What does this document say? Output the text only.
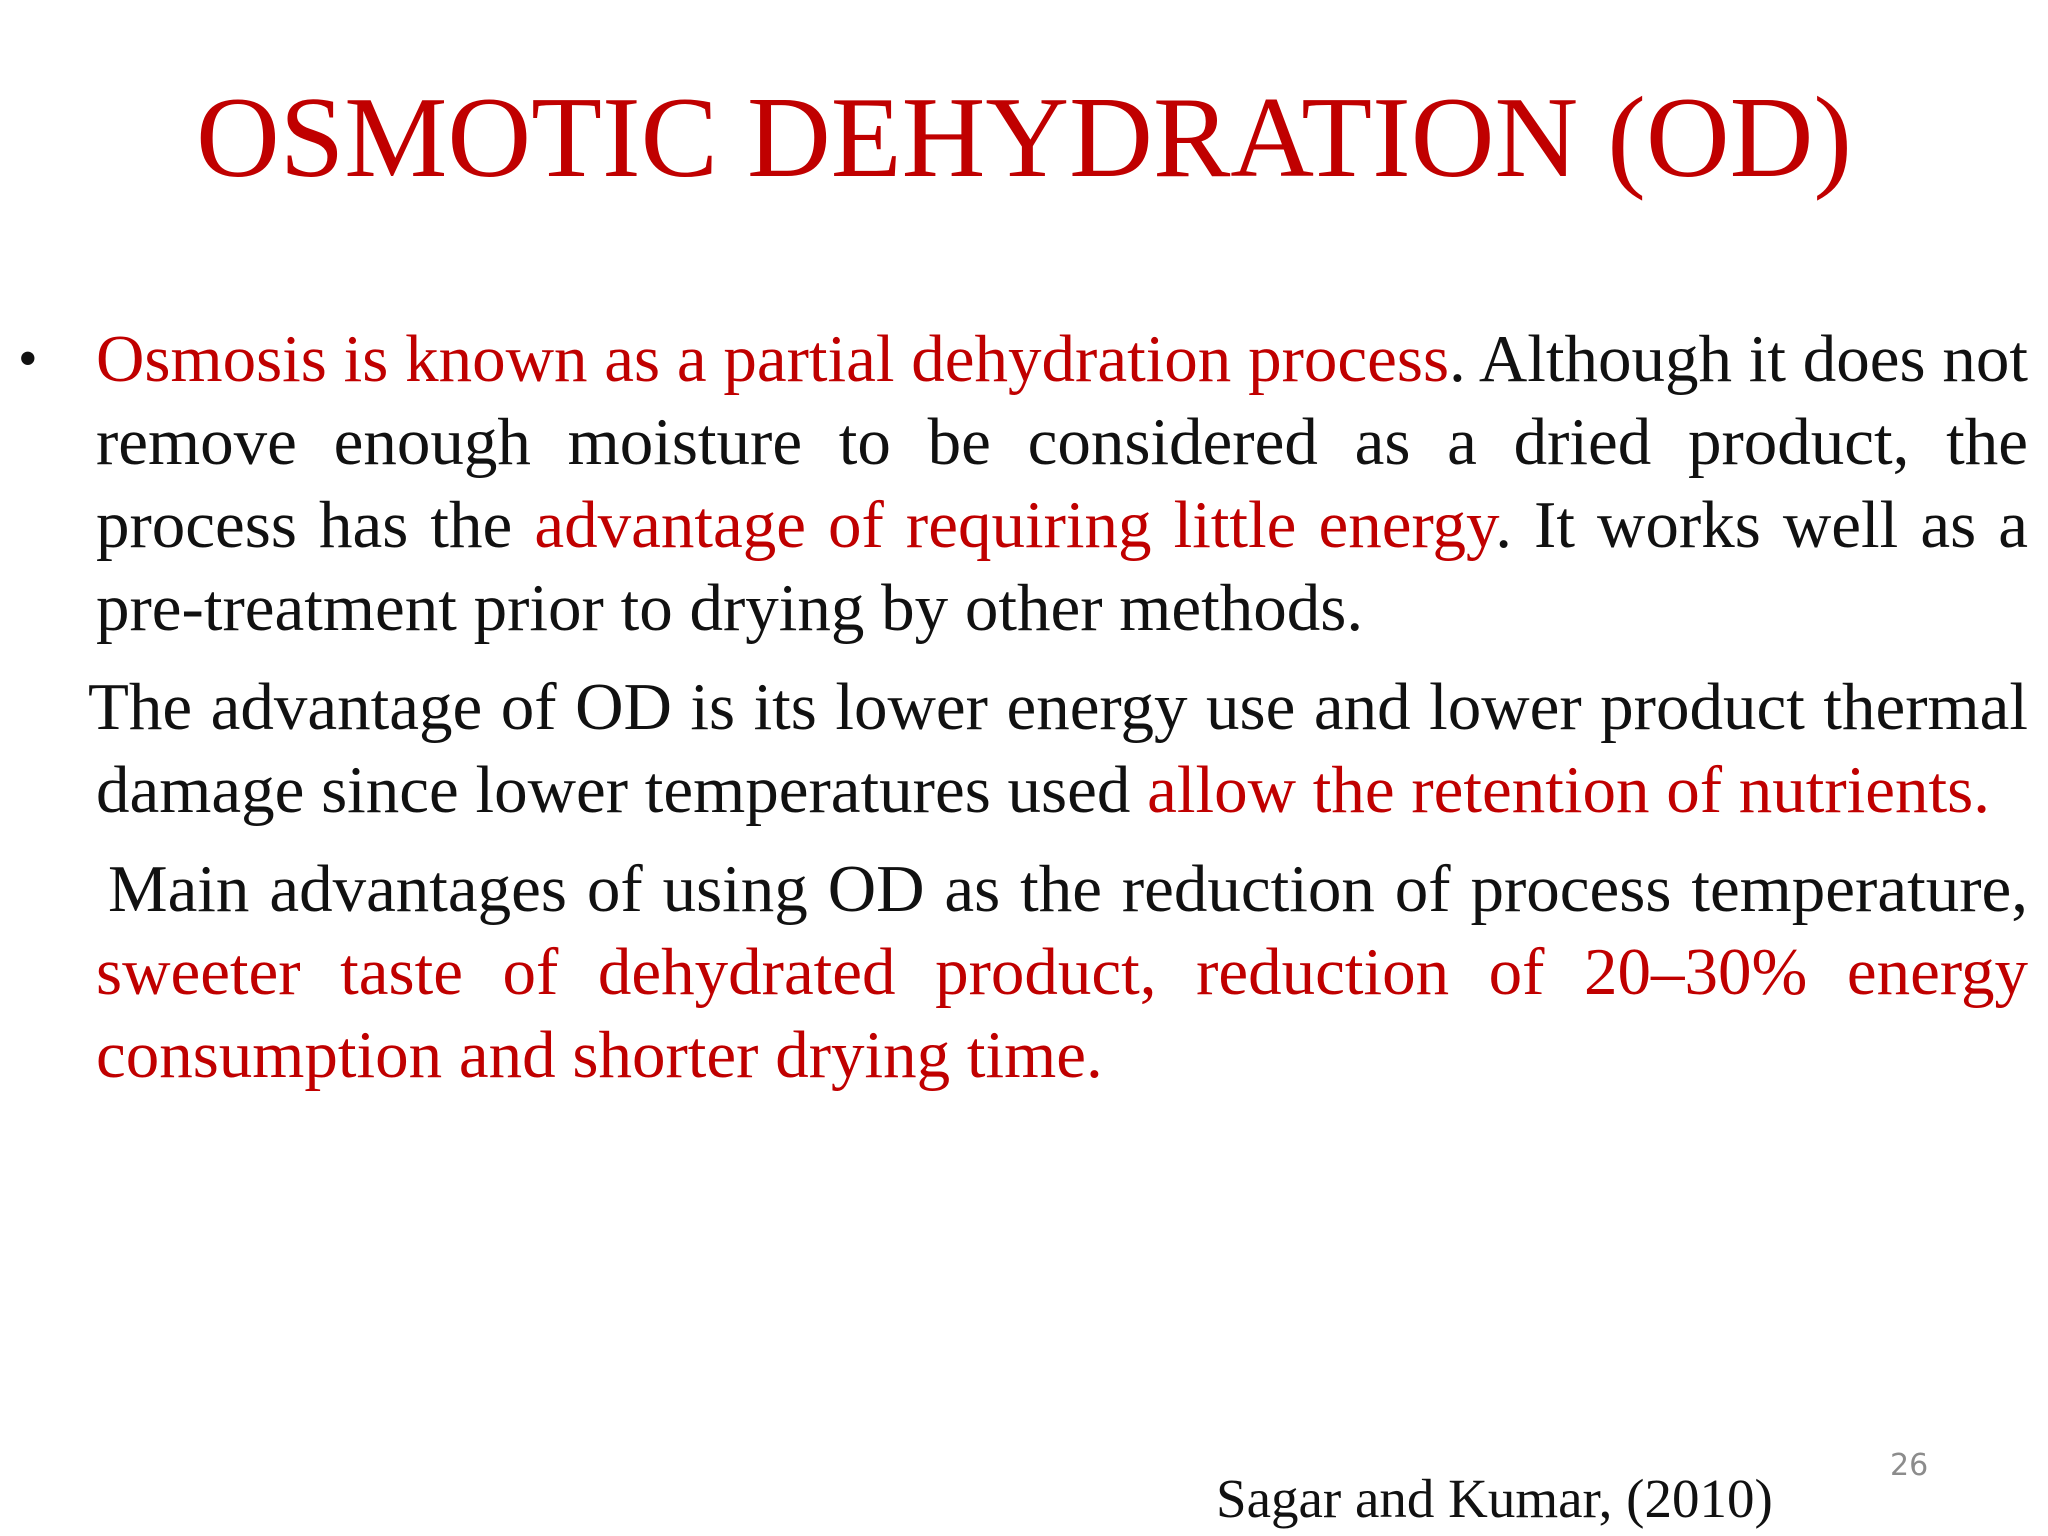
OSMOTIC DEHYDRATION (OD)

• Osmosis is known as a partial dehydration process. Although it does not remove enough moisture to be considered as a dried product, the process has the advantage of requiring little energy. It works well as a pre-treatment prior to drying by other methods.

The advantage of OD is its lower energy use and lower product thermal damage since lower temperatures used allow the retention of nutrients.

Main advantages of using OD as the reduction of process temperature, sweeter taste of dehydrated product, reduction of 20–30% energy consumption and shorter drying time.

Sagar and Kumar, (2010)
26
